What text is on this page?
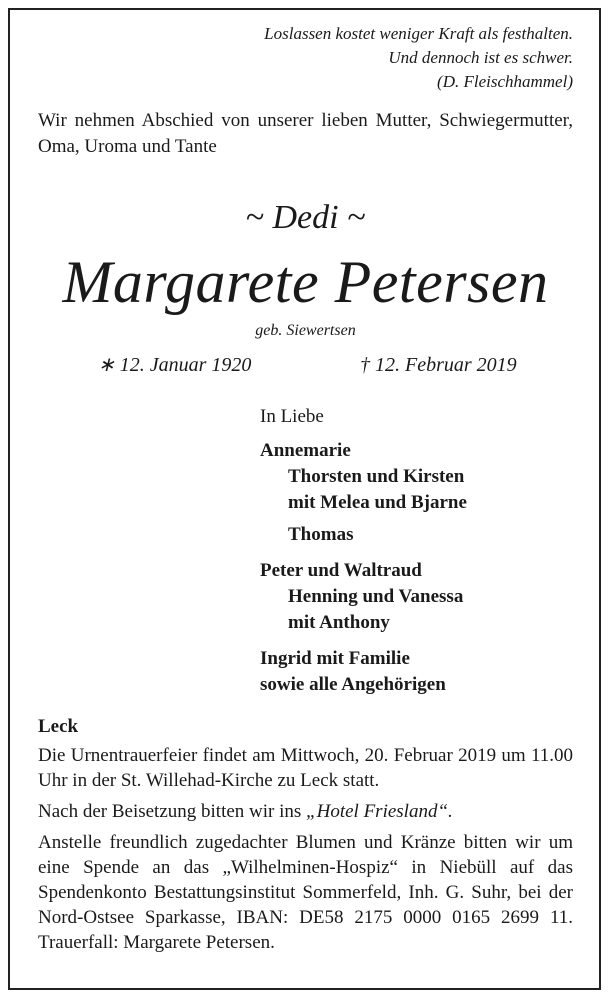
Loslassen kostet weniger Kraft als festhalten.
Und dennoch ist es schwer.
(D. Fleischhammel)
Wir nehmen Abschied von unserer lieben Mutter, Schwiegermutter, Oma, Uroma und Tante
~ Dedi ~
Margarete Petersen
geb. Siewertsen
∗ 12. Januar 1920	† 12. Februar 2019
In Liebe
Annemarie
Thorsten und Kirsten
mit Melea und Bjarne
Thomas
Peter und Waltraud
Henning und Vanessa
mit Anthony
Ingrid mit Familie
sowie alle Angehörigen
Leck

Die Urnentrauerfeier findet am Mittwoch, 20. Februar 2019 um 11.00 Uhr in der St. Willehad-Kirche zu Leck statt.

Nach der Beisetzung bitten wir ins „Hotel Friesland“.

Anstelle freundlich zugedachter Blumen und Kränze bitten wir um eine Spende an das „Wilhelminen-Hospiz“ in Niebüll auf das Spendenkonto Bestattungsinstitut Sommerfeld, Inh. G. Suhr, bei der Nord-Ostsee Sparkasse, IBAN: DE58 2175 0000 0165 2699 11. Trauerfall: Margarete Petersen.
